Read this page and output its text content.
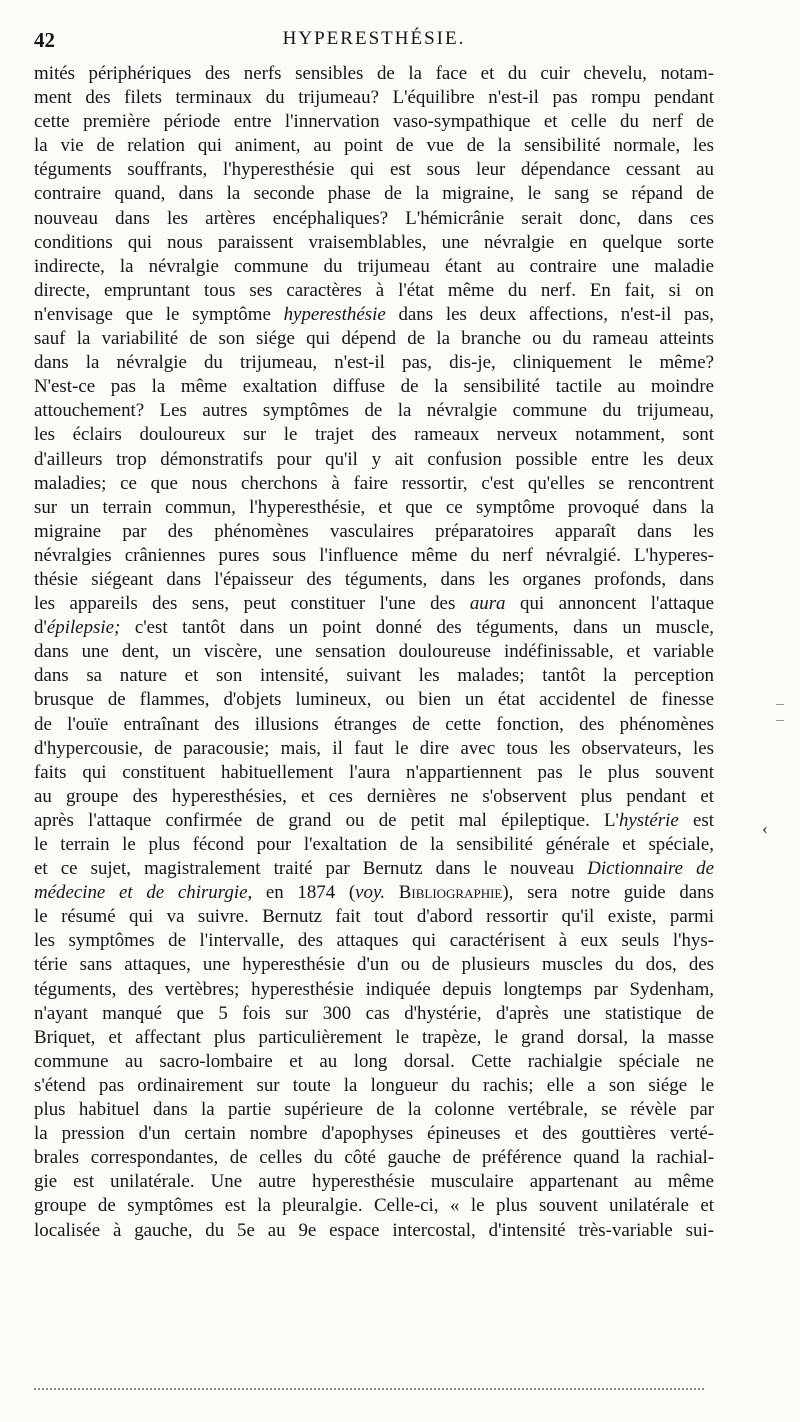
42	HYPERESTHÉSIE.
mités périphériques des nerfs sensibles de la face et du cuir chevelu, notam-
ment des filets terminaux du trijumeau? L'équilibre n'est-il pas rompu pendant
cette première période entre l'innervation vaso-sympathique et celle du nerf de
la vie de relation qui animent, au point de vue de la sensibilité normale, les
téguments souffrants, l'hyperesthésie qui est sous leur dépendance cessant au
contraire quand, dans la seconde phase de la migraine, le sang se répand de
nouveau dans les artères encéphaliques? L'hémicrânie serait donc, dans ces
conditions qui nous paraissent vraisemblables, une névralgie en quelque sorte
indirecte, la névralgie commune du trijumeau étant au contraire une maladie
directe, empruntant tous ses caractères à l'état même du nerf. En fait, si on
n'envisage que le symptôme hyperesthésie dans les deux affections, n'est-il pas,
sauf la variabilité de son siége qui dépend de la branche ou du rameau atteints
dans la névralgie du trijumeau, n'est-il pas, dis-je, cliniquement le même?
N'est-ce pas la même exaltation diffuse de la sensibilité tactile au moindre
attouchement? Les autres symptômes de la névralgie commune du trijumeau,
les éclairs douloureux sur le trajet des rameaux nerveux notamment, sont
d'ailleurs trop démonstratifs pour qu'il y ait confusion possible entre les deux
maladies; ce que nous cherchons à faire ressortir, c'est qu'elles se rencontrent
sur un terrain commun, l'hyperesthésie, et que ce symptôme provoqué dans la
migraine par des phénomènes vasculaires préparatoires apparaît dans les
névralgies crâniennes pures sous l'influence même du nerf névralgié. L'hyperes-
thésie siégeant dans l'épaisseur des téguments, dans les organes profonds, dans
les appareils des sens, peut constituer l'une des aura qui annoncent l'attaque
d'épilepsie; c'est tantôt dans un point donné des téguments, dans un muscle,
dans une dent, un viscère, une sensation douloureuse indéfinissable, et variable
dans sa nature et son intensité, suivant les malades; tantôt la perception
brusque de flammes, d'objets lumineux, ou bien un état accidentel de finesse
de l'ouïe entraînant des illusions étranges de cette fonction, des phénomènes
d'hypercousie, de paracousie; mais, il faut le dire avec tous les observateurs, les
faits qui constituent habituellement l'aura n'appartiennent pas le plus souvent
au groupe des hyperesthésies, et ces dernières ne s'observent plus pendant et
après l'attaque confirmée de grand ou de petit mal épileptique. L'hystérie est
le terrain le plus fécond pour l'exaltation de la sensibilité générale et spéciale,
et ce sujet, magistralement traité par Bernutz dans le nouveau Dictionnaire de
médecine et de chirurgie, en 1874 (voy. Bibliographie), sera notre guide dans
le résumé qui va suivre. Bernutz fait tout d'abord ressortir qu'il existe, parmi
les symptômes de l'intervalle, des attaques qui caractérisent à eux seuls l'hys-
térie sans attaques, une hyperesthésie d'un ou de plusieurs muscles du dos, des
téguments, des vertèbres; hyperesthésie indiquée depuis longtemps par Sydenham,
n'ayant manqué que 5 fois sur 300 cas d'hystérie, d'après une statistique de
Briquet, et affectant plus particulièrement le trapèze, le grand dorsal, la masse
commune au sacro-lombaire et au long dorsal. Cette rachialgie spéciale ne
s'étend pas ordinairement sur toute la longueur du rachis; elle a son siége le
plus habituel dans la partie supérieure de la colonne vertébrale, se révèle par
la pression d'un certain nombre d'apophyses épineuses et des gouttières verté-
brales correspondantes, de celles du côté gauche de préférence quand la rachial-
gie est unilatérale. Une autre hyperesthésie musculaire appartenant au même
groupe de symptômes est la pleuralgie. Celle-ci, « le plus souvent unilatérale et
localisée à gauche, du 5e au 9e espace intercostal, d'intensité très-variable sui-
‹
